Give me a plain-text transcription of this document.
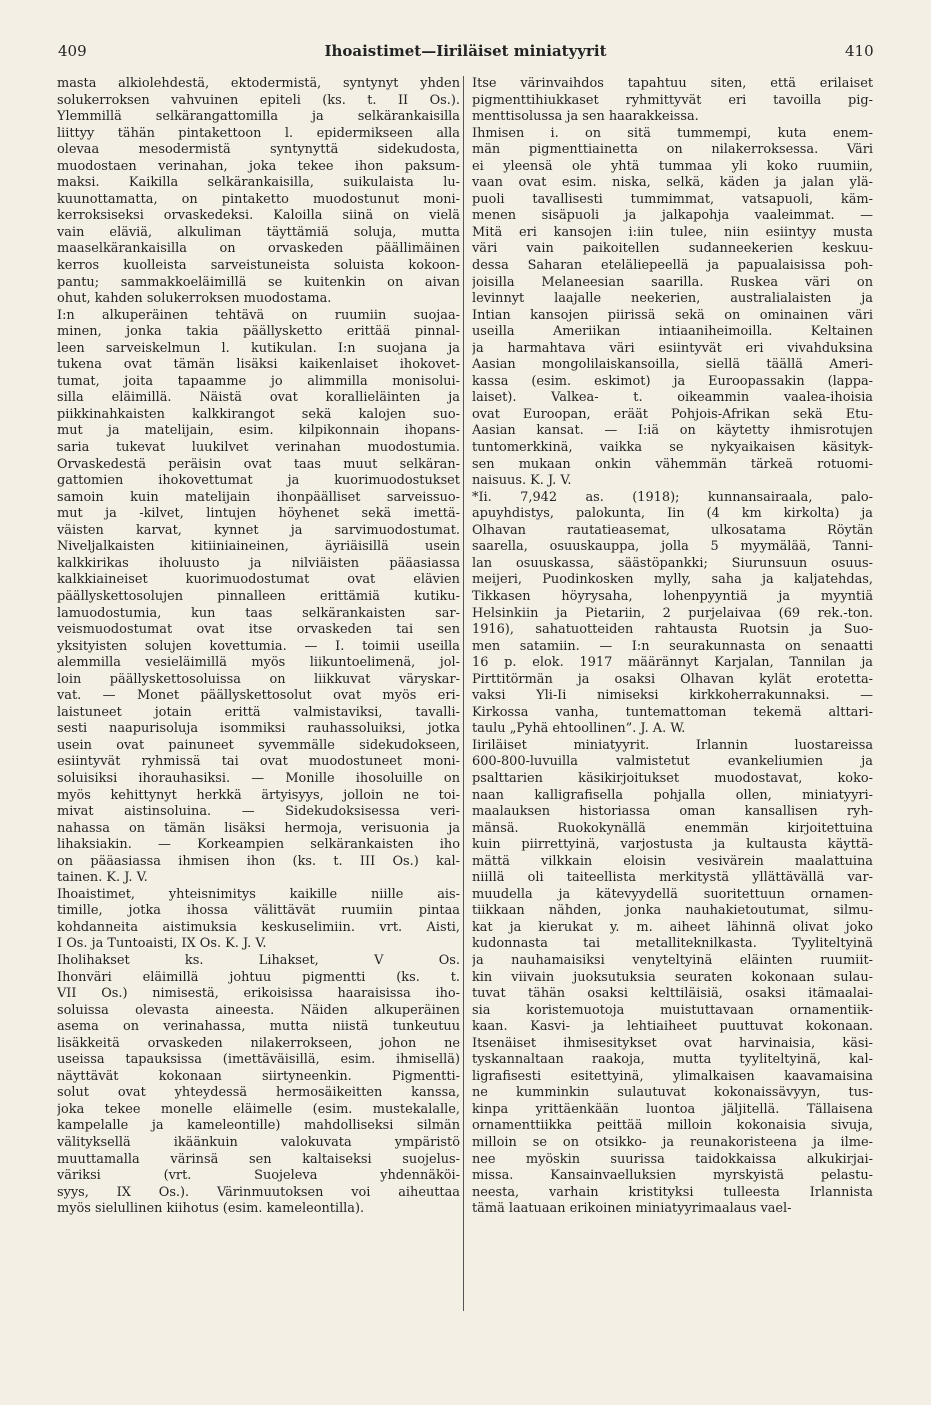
409	Ihoaistimet—Iiriläiset miniatyyrit	410
masta alkiolehdestä, ektodermistä, syntynyt yhden
solukerroksen vahvuinen epiteli (ks. t. II Os.).
Ylemmillä selkärangattomilla ja selkärankaisilla
liittyy tähän pintakettoon l. epidermikseen alla
olevaa mesodermistä syntynyttä sidekudosta,
muodostaen verinahan, joka tekee ihon paksum-
maksi. Kaikilla selkärankaisilla, suikulaista lu-
kuunottamatta, on pintaketto muodostunut moni-
kerroksiseksi orvaskedeksi. Kaloilla siinä on vielä
vain eläviä, alkuliman täyttämiä soluja, mutta
maaselkärankaisilla on orvaskeden päällimäinen
kerros kuolleista sarveistuneista soluista kokoon-
pantu; sammakkoeläimillä se kuitenkin on aivan
ohut, kahden solukerroksen muodostama.
I:n alkuperäinen tehtävä on ruumiin suojaa-
minen, jonka takia päällysketto erittää pinnal-
leen sarveiskelmun l. kutikulan. I:n suojana ja
tukena ovat tämän lisäksi kaikenlaiset ihokovet-
tumat, joita tapaamme jo alimmilla monisolui-
silla eläimillä. Näistä ovat korallieläinten ja
piikkinahkaisten kalkkirangot sekä kalojen suo-
mut ja matelijain, esim. kilpikonnain ihopans-
saria tukevat luukilvet verinahan muodostumia.
Orvaskedestä peräisin ovat taas muut selkäran-
gattomien ihokovettumat ja kuorimuodostukset
samoin kuin matelijain ihonpäälliset sarveissuo-
mut ja -kilvet, lintujen höyhenet sekä imettä-
väisten karvat, kynnet ja sarvimuodostumat.
Niveljalkaisten kitiiniaineinen, äyriäisillä usein
kalkkirikas iholuusto ja nilviäisten pääasiassa
kalkkiaineiset kuorimuodostumat ovat elävien
päällyskettosolujen pinnalleen erittämiä kutiku-
lamuodostumia, kun taas selkärankaisten sar-
veismuodostumat ovat itse orvaskeden tai sen
yksityisten solujen kovettumia. — I. toimii useilla
alemmilla vesieläimillä myös liikuntoelimenä, jol-
loin päällyskettosoluissa on liikkuvat väryskar-
vat. — Monet päällyskettosolut ovat myös eri-
laistuneet jotain erittä valmistaviksi, tavalli-
sesti naapurisoluja isommiksi rauhassoluiksi, jotka
usein ovat painuneet syvemmälle sidekudokseen,
esiintyvät ryhmissä tai ovat muodostuneet moni-
soluisiksi ihorauhasiksi. — Monille ihosoluille on
myös kehittynyt herkkä ärtyisyys, jolloin ne toi-
mivat aistinsoluina. — Sidekudoksisessa veri-
nahassa on tämän lisäksi hermoja, verisuonia ja
lihaksiakin. — Korkeampien selkärankaisten iho
on pääasiassa ihmisen ihon (ks. t. III Os.) kal-
tainen. K. J. V.
Ihoaistimet, yhteisnimitys kaikille niille ais-
timille, jotka ihossa välittävät ruumiin pintaa
kohdanneita aistimuksia keskuselimiin. vrt. Aisti,
I Os. ja Tuntoaisti, IX Os. K. J. V.
Iholihakset ks. Lihakset, V Os.
Ihonväri eläimillä johtuu pigmentti (ks. t.
VII Os.) nimisestä, erikoisissa haaraisissa iho-
soluissa olevasta aineesta. Näiden alkuperäinen
asema on verinahassa, mutta niistä tunkeutuu
lisäkkeitä orvaskeden nilakerrokseen, johon ne
useissa tapauksissa (imettäväisillä, esim. ihmisellä)
näyttävät kokonaan siirtyneenkin. Pigmentti-
solut ovat yhteydessä hermosäikeitten kanssa,
joka tekee monelle eläimelle (esim. mustekalalle,
kampelalle ja kameleontille) mahdolliseksi silmän
välityksellä ikäänkuin valokuvata ympäristö
muuttamalla värinsä sen kaltaiseksi suojelus-
väriksi (vrt. Suojeleva yhdennäköi-
syys, IX Os.). Värinmuutoksen voi aiheuttaa
myös sielullinen kiihotus (esim. kameleontilla).
Itse värinvaihdos tapahtuu siten, että erilaiset
pigmenttihiukkaset ryhmittyvät eri tavoilla pig-
menttisolussa ja sen haarakkeissa.
Ihmisen i. on sitä tummempi, kuta enem-
män pigmenttiainetta on nilakerroksessa. Väri
ei yleensä ole yhtä tummaa yli koko ruumiin,
vaan ovat esim. niska, selkä, käden ja jalan ylä-
puoli tavallisesti tummimmat, vatsapuoli, käm-
menen sisäpuoli ja jalkapohja vaaleimmat. —
Mitä eri kansojen i:iin tulee, niin esiintyy musta
väri vain paikoitellen sudanneekerien keskuu-
dessa Saharan eteläliepeellä ja papualaisissa poh-
joisilla Melaneesian saarilla. Ruskea väri on
levinnyt laajalle neekerien, australialaisten ja
Intian kansojen piirissä sekä on ominainen väri
useilla Ameriikan intiaaniheimoilla. Keltainen
ja harmahtava väri esiintyvät eri vivahduksina
Aasian mongolilaiskansoilla, siellä täällä Ameri-
kassa (esim. eskimot) ja Euroopassakin (lappa-
laiset). Valkea- t. oikeammin vaalea-ihoisia
ovat Euroopan, eräät Pohjois-Afrikan sekä Etu-
Aasian kansat. — I:iä on käytetty ihmisrotujen
tuntomerkkinä, vaikka se nykyaikaisen käsityk-
sen mukaan onkin vähemmän tärkeä rotuomi-
naisuus. K. J. V.
*Ii. 7,942 as. (1918); kunnansairaala, palo-
apuyhdistys, palokunta, Iin (4 km kirkolta) ja
Olhavan rautatieasemat, ulkosatama Röytän
saarella, osuuskauppa, jolla 5 myymälää, Tanni-
lan osuuskassa, säästöpankki; Siurunsuun osuus-
meijeri, Puodinkosken mylly, saha ja kaljatehdas,
Tikkasen höyrysaha, lohenpyyntiä ja myyntiä
Helsinkiin ja Pietariin, 2 purjelaivaa (69 rek.-ton.
1916), sahatuotteiden rahtausta Ruotsin ja Suo-
men satamiin. — I:n seurakunnasta on senaatti
16 p. elok. 1917 määrännyt Karjalan, Tannilan ja
Pirttitörmän ja osaksi Olhavan kylät erotetta-
vaksi Yli-Ii nimiseksi kirkkoherrakunnaksi. —
Kirkossa vanha, tuntemattoman tekemä alttari-
taulu „Pyhä ehtoollinen”. J. A. W.
Iiriläiset miniatyyrit. Irlannin luostareissa
600-800-luvuilla valmistetut evankeliumien ja
psalttarien käsikirjoitukset muodostavat, koko-
naan kalligrafisella pohjalla ollen, miniatyyri-
maalauksen historiassa oman kansallisen ryh-
mänsä. Ruokokynällä enemmän kirjoitettuina
kuin piirrettyinä, varjostusta ja kultausta käyttä-
mättä vilkkain eloisin vesivärein maalattuina
niillä oli taiteellista merkitystä yllättävällä var-
muudella ja kätevyydellä suoritettuun ornamen-
tiikkaan nähden, jonka nauhakietoutumat, silmu-
kat ja kierukat y. m. aiheet lähinnä olivat joko
kudonnasta tai metalliteknilkasta. Tyyliteltyinä
ja nauhamaisiksi venyteltyinä eläinten ruumiit-
kin viivain juoksutuksia seuraten kokonaan sulau-
tuvat tähän osaksi kelttiläisiä, osaksi itämaalai-
sia koristemuotoja muistuttavaan ornamentiik-
kaan. Kasvi- ja lehtiaiheet puuttuvat kokonaan.
Itsenäiset ihmisesitykset ovat harvinaisia, käsi-
tyskannaltaan raakoja, mutta tyyliteltyinä, kal-
ligrafisesti esitettyinä, ylimalkaisen kaavamaisina
ne kumminkin sulautuvat kokonaissävyyn, tus-
kinpa yrittäenkään luontoa jäljitellä. Tällaisena
ornamenttiikka peittää milloin kokonaisia sivuja,
milloin se on otsikko- ja reunakoristeena ja ilme-
nee myöskin suurissa taidokkaissa alkukirjai-
missa. Kansainvaelluksien myrskyistä pelastu-
neesta, varhain kristityksi tulleesta Irlannista
tämä laatuaan erikoinen miniatyyrimaalaus vael-
